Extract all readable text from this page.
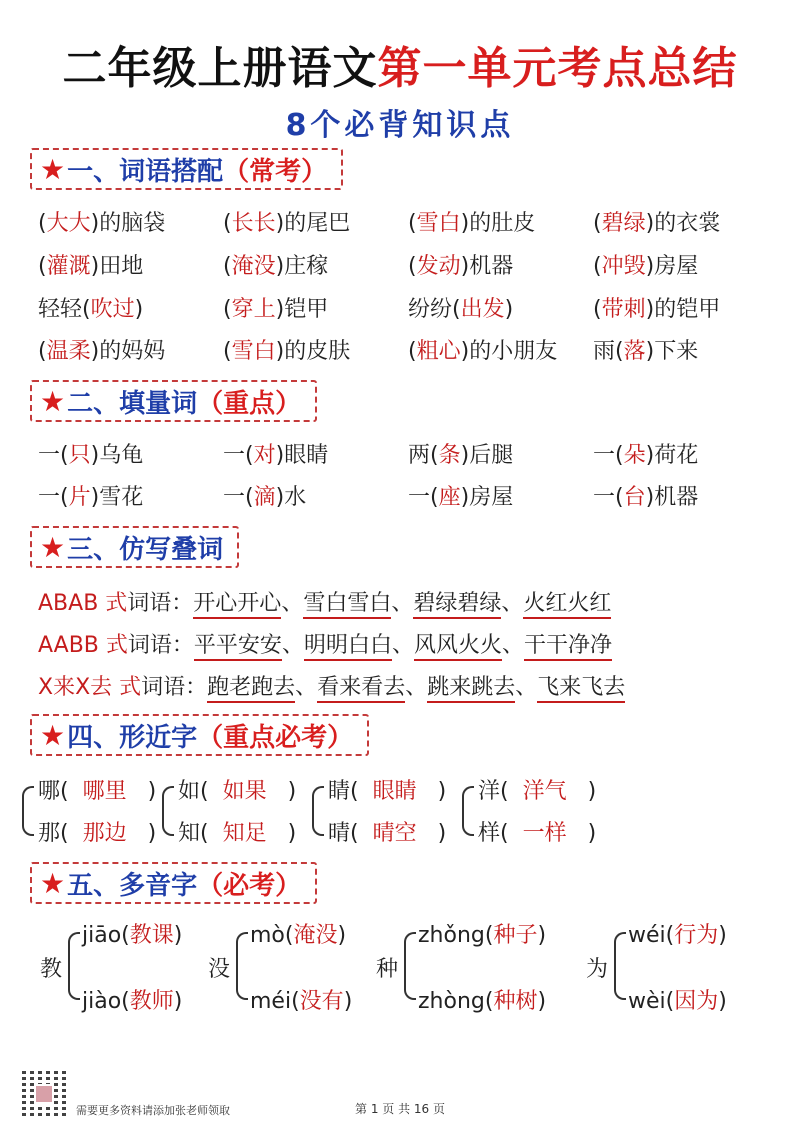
二年级上册语文第一单元考点总结
8个必背知识点
★ 一、词语搭配 （常考）
(大大)的脑袋	(长长)的尾巴	(雪白)的肚皮	(碧绿)的衣裳
(灌溉)田地	(淹没)庄稼	(发动)机器	(冲毁)房屋
轻轻(吹过)	(穿上)铠甲	纷纷(出发)	(带刺)的铠甲
(温柔)的妈妈	(雪白)的皮肤	(粗心)的小朋友	雨(落)下来
★ 二、填量词 （重点）
一(只)乌龟	一(对)眼睛	两(条)后腿	一(朵)荷花
一(片)雪花	一(滴)水	一(座)房屋	一(台)机器
★ 三、仿写叠词
ABAB 式词语：开心开心、雪白雪白、碧绿碧绿、火红火红
AABB 式词语：平平安安、明明白白、风风火火、干干净净
X来X去 式词语：跑老跑去、看来看去、跳来跳去、飞来飞去
★ 四、形近字 （重点必考）
哪( 哪里 )
那( 那边 )
如( 如果 )
知( 知足 )
睛( 眼睛 )
晴( 晴空 )
洋( 洋气 )
样( 一样 )
★ 五、多音字 （必考）
教
jiāo(教课)
jiào(教师)
没
mò(淹没)
méi(没有)
种
zhǒng(种子)
zhòng(种树)
为
wéi(行为)
wèi(因为)
需要更多资料请添加张老师领取	第 1 页 共 16 页
